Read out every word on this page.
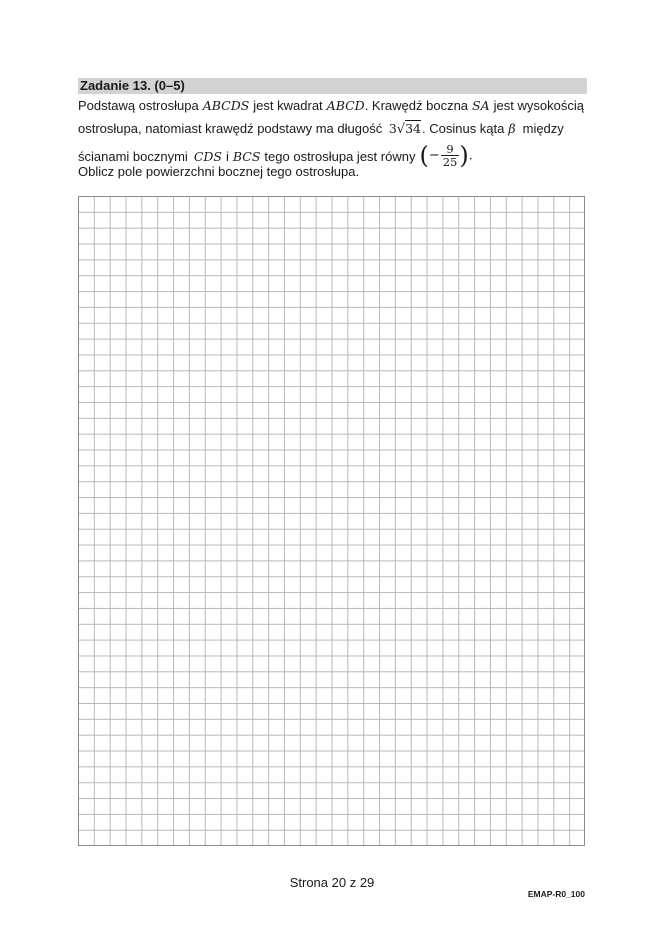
Zadanie 13. (0–5)
Podstawą ostrosłupa ABCDS jest kwadrat ABCD. Krawędź boczna SA jest wysokością
ostrosłupa, natomiast krawędź podstawy ma długość 3√34. Cosinus kąta β między
ścianami bocznymi CDS i BCS tego ostrosłupa jest równy (− $\frac{9}{25}$ ).
Oblicz pole powierzchni bocznej tego ostrosłupa.
Strona 20 z 29
EMAP-R0_100
